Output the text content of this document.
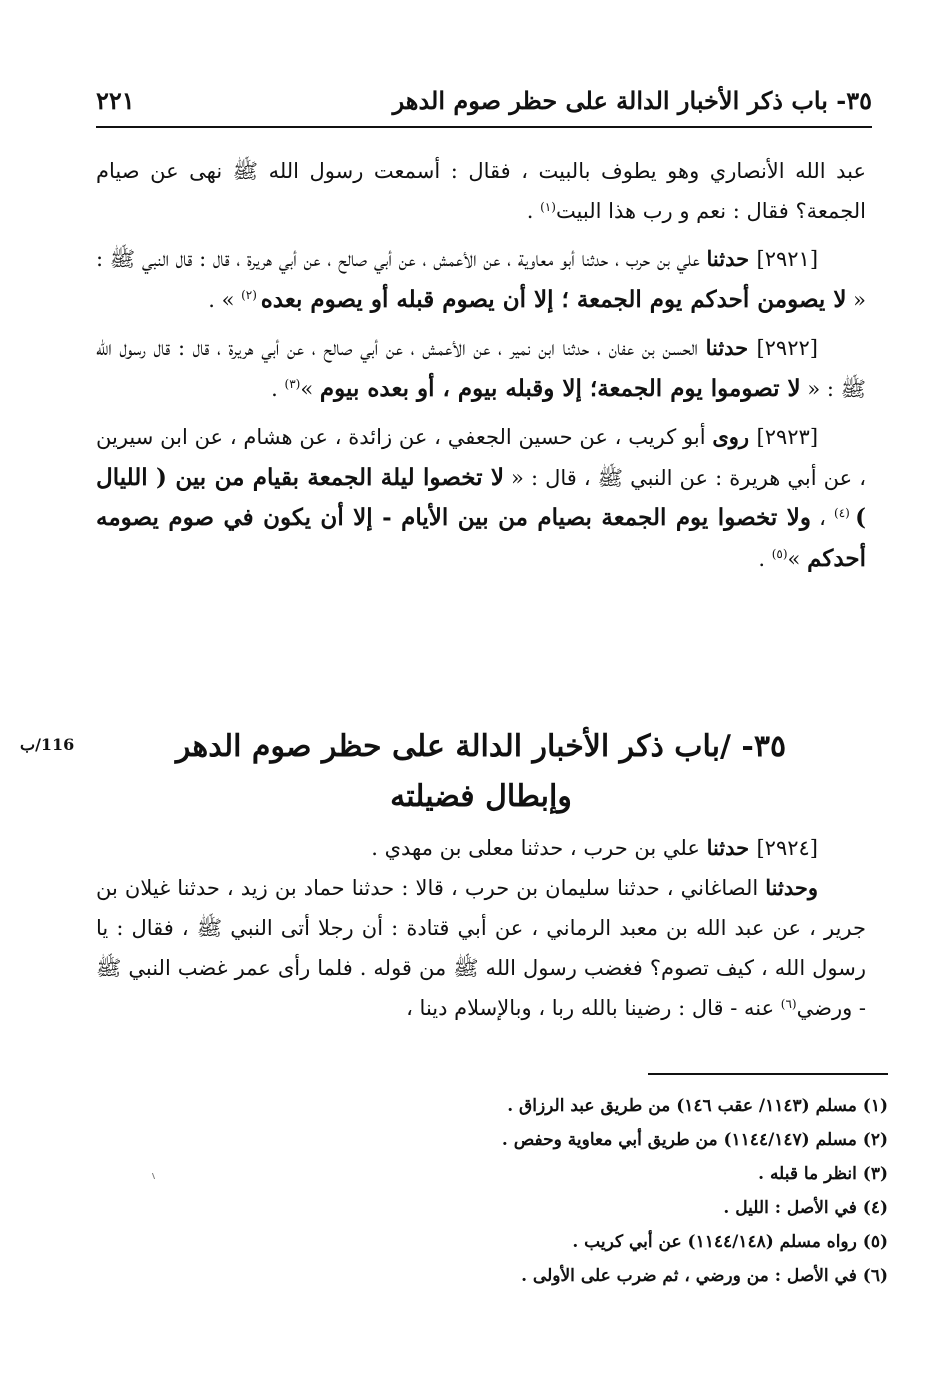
٣٥- باب ذكر الأخبار الدالة على حظر صوم الدهر
٢٢١

عبد الله الأنصاري وهو يطوف بالبيت ، فقال : أسمعت رسول الله ﷺ نهى عن صيام الجمعة؟ فقال : نعم و رب هذا البيت$^{(١)}$ .

[٢٩٢١] حدثنا علي بن حرب ، حدثنا أبو معاوية ، عن الأعمش ، عن أبي صالح ، عن أبي هريرة ، قال : قال النبي ﷺ : « لا يصومن أحدكم يوم الجمعة ؛ إلا أن يصوم قبله أو يصوم بعده $^{(٢)}$ » .

[٢٩٢٢] حدثنا الحسن بن عفان ، حدثنا ابن نمير ، عن الأعمش ، عن أبي صالح ، عن أبي هريرة ، قال : قال رسول الله ﷺ : « لا تصوموا يوم الجمعة؛ إلا وقبله بيوم ، أو بعده بيوم »$^{(٣)}$ .

[٢٩٢٣] روى أبو كريب ، عن حسين الجعفي ، عن زائدة ، عن هشام ، عن ابن سيرين ، عن أبي هريرة : عن النبي ﷺ ، قال : « لا تخصوا ليلة الجمعة بقيام من بين ( الليال ) $^{(٤)}$ ، ولا تخصوا يوم الجمعة بصيام من بين الأيام - إلا أن يكون في صوم يصومه أحدكم »$^{(٥)}$ .

116/ب	٣٥- /باب ذكر الأخبار الدالة على حظر صوم الدهر
وإبطال فضيلته

[٢٩٢٤] حدثنا علي بن حرب ، حدثنا معلى بن مهدي .

وحدثنا الصاغاني ، حدثنا سليمان بن حرب ، قالا : حدثنا حماد بن زيد ، حدثنا غيلان بن جرير ، عن عبد الله بن معبد الرماني ، عن أبي قتادة : أن رجلا أتى النبي ﷺ ، فقال : يا رسول الله ، كيف تصوم؟ فغضب رسول الله ﷺ من قوله . فلما رأى عمر غضب النبي ﷺ - ورضي$^{(٦)}$ عنه - قال : رضينا بالله ربا ، وبالإسلام دينا ،

(١) مسلم (١١٤٣/ عقب ١٤٦) من طريق عبد الرزاق .
(٢) مسلم (١١٤٤/١٤٧) من طريق أبي معاوية وحفص .
(٣) انظر ما قبله .
(٤) في الأصل : الليل .
(٥) رواه مسلم (١١٤٤/١٤٨) عن أبي كريب .
(٦) في الأصل : من ورضي ، ثم ضرب على الأولى .
